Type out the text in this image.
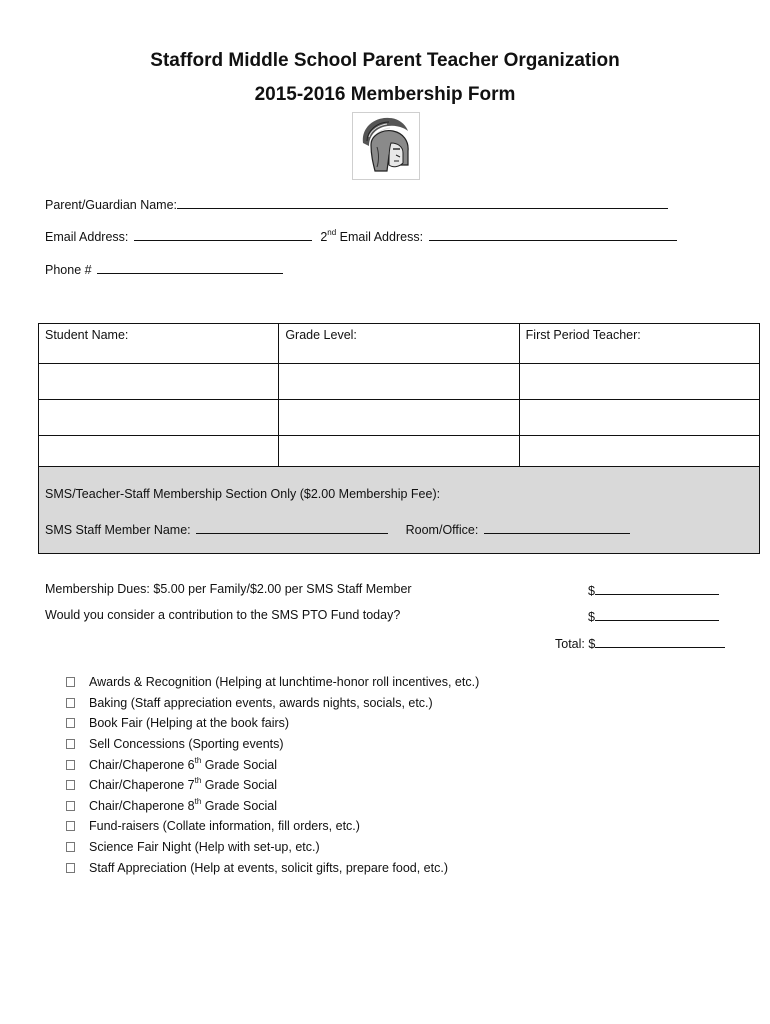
Stafford Middle School Parent Teacher Organization
2015-2016 Membership Form
Parent/Guardian Name:
Email Address:	2nd Email Address:
Phone #
Student Name:	Grade Level:	First Period Teacher:

SMS/Teacher-Staff Membership Section Only ($2.00 Membership Fee):
SMS Staff Member Name:	Room/Office:
Membership Dues: $5.00 per Family/$2.00 per SMS Staff Member	$
Would you consider a contribution to the SMS PTO Fund today?	$
Total: $
Awards & Recognition (Helping at lunchtime-honor roll incentives, etc.)
Baking (Staff appreciation events, awards nights, socials, etc.)
Book Fair (Helping at the book fairs)
Sell Concessions (Sporting events)
Chair/Chaperone 6th Grade Social
Chair/Chaperone 7th Grade Social
Chair/Chaperone 8th Grade Social
Fund-raisers (Collate information, fill orders, etc.)
Science Fair Night (Help with set-up, etc.)
Staff Appreciation (Help at events, solicit gifts, prepare food, etc.)
